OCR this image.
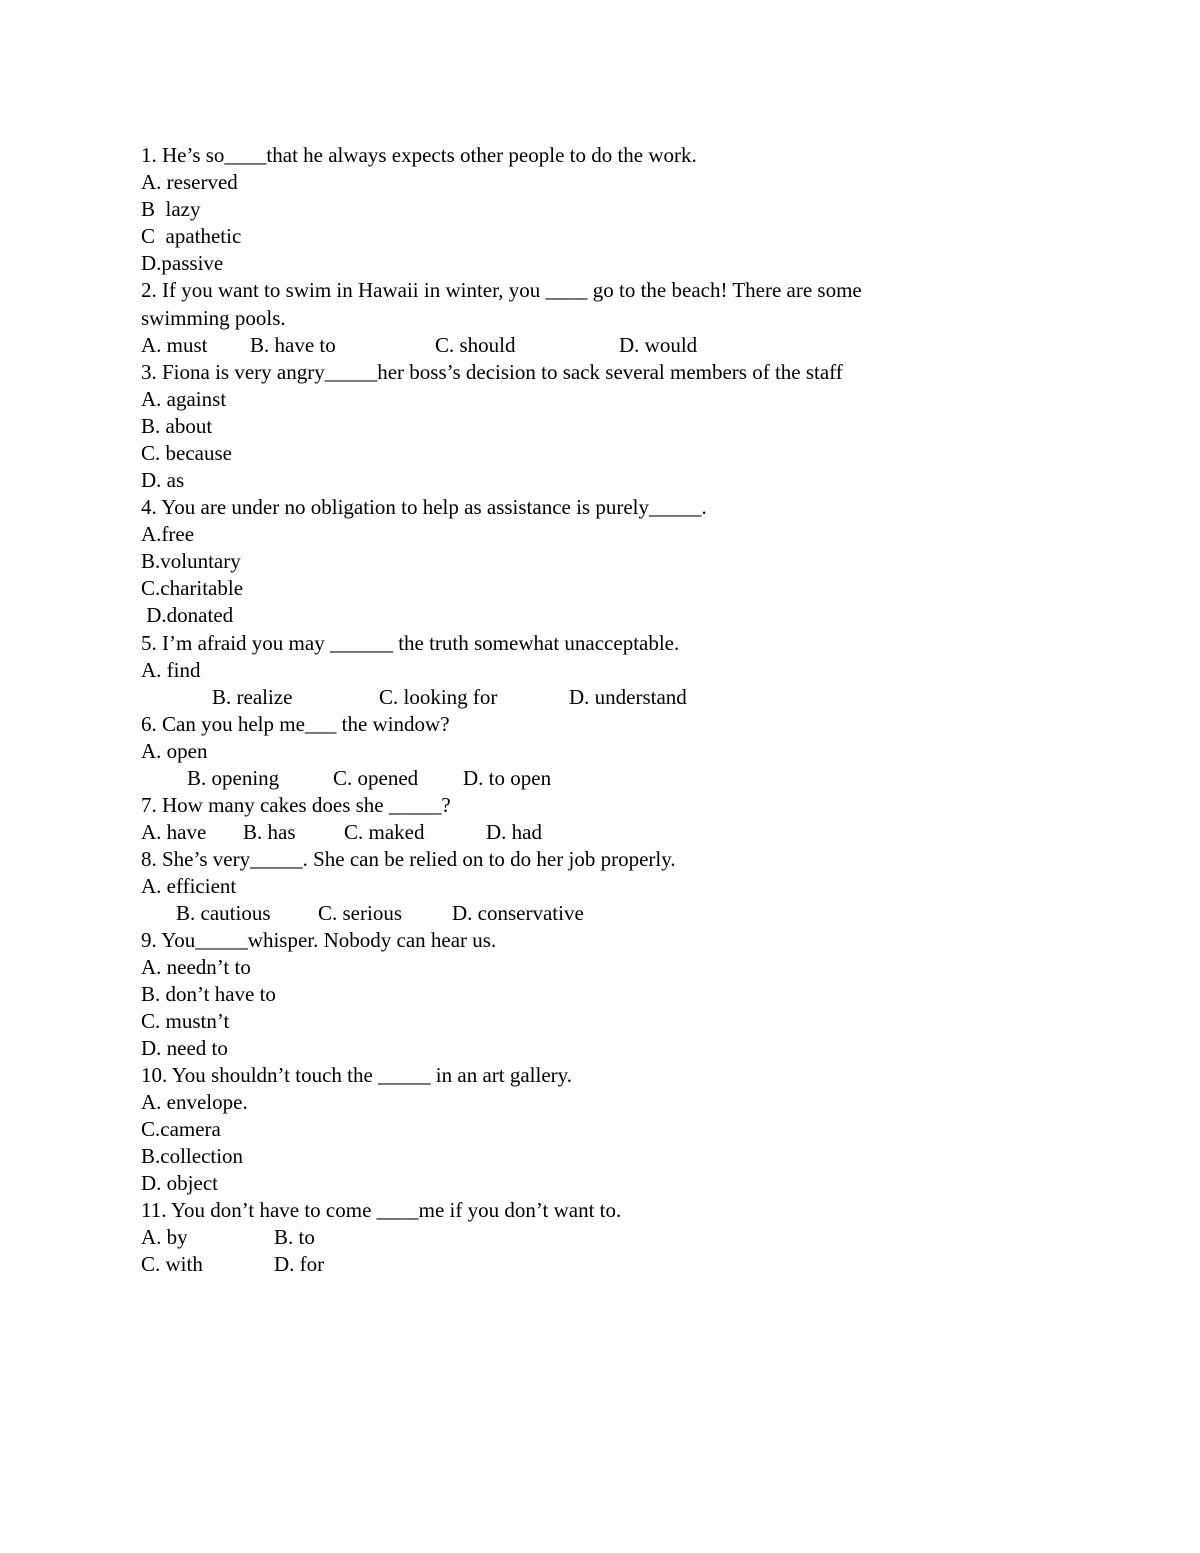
1. He’s so____that he always expects other people to do the work.

A. reserved

B  lazy

C  apathetic

D.passive

2. If you want to swim in Hawaii in winter, you ____ go to the beach! There are some

swimming pools.

A. must B. have to	C. should	D. would

3. Fiona is very angry_____her boss’s decision to sack several members of the staff

A. against

B. about

C. because

D. as

4. You are under no obligation to help as assistance is purely_____.

A.free

B.voluntary

C.charitable

D.donated

5. I’m afraid you may ______ the truth somewhat unacceptable.

A. find

B. realize	C. looking for	D. understand

6. Can you help me___ the window?

A. open

B. opening	C. opened D. to open

7. How many cakes does she _____?

A. have B. has C. maked	D. had

8. She’s very_____. She can be relied on to do her job properly.

A. efficient

B. cautious C. serious D. conservative

9. You_____whisper. Nobody can hear us.

A. needn’t to

B. don’t have to

C. mustn’t

D. need to

10. You shouldn’t touch the _____ in an art gallery.

A. envelope.

C.camera

B.collection

D. object

11. You don’t have to come ____me if you don’t want to.

A. by	B. to
C. with	D. for
